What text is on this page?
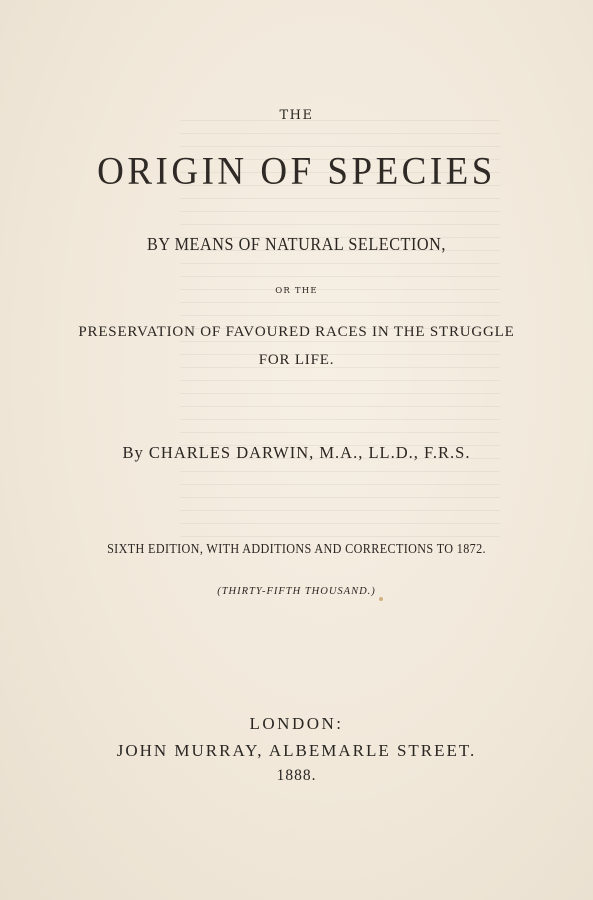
THE
ORIGIN OF SPECIES
BY MEANS OF NATURAL SELECTION,
OR THE
PRESERVATION OF FAVOURED RACES IN THE STRUGGLE
FOR LIFE.
By CHARLES DARWIN, M.A., LL.D., F.R.S.
SIXTH EDITION, WITH ADDITIONS AND CORRECTIONS TO 1872.
(THIRTY-FIFTH THOUSAND.)
LONDON:
JOHN MURRAY, ALBEMARLE STREET.
1888.
